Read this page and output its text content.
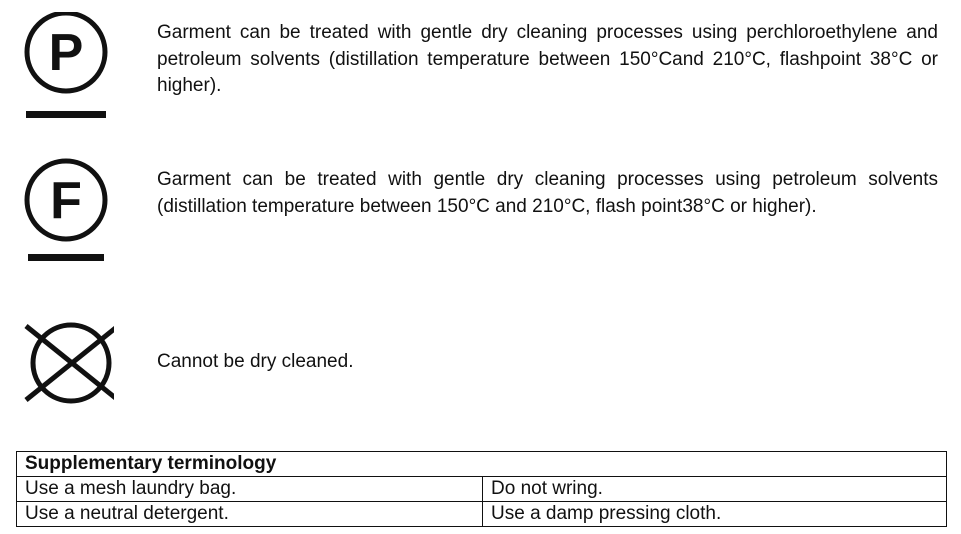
P	Garment can be treated with gentle dry cleaning processes using perchloroethylene and petroleum solvents (distillation temperature between 150°Cand 210°C, flashpoint 38°C or higher).

F	Garment can be treated with gentle dry cleaning processes using petroleum solvents (distillation temperature between 150°C and 210°C, flash point38°C or higher).

Cannot be dry cleaned.

Supplementary terminology	
Use a mesh laundry bag.	Do not wring.
Use a neutral detergent.	Use a damp pressing cloth.
